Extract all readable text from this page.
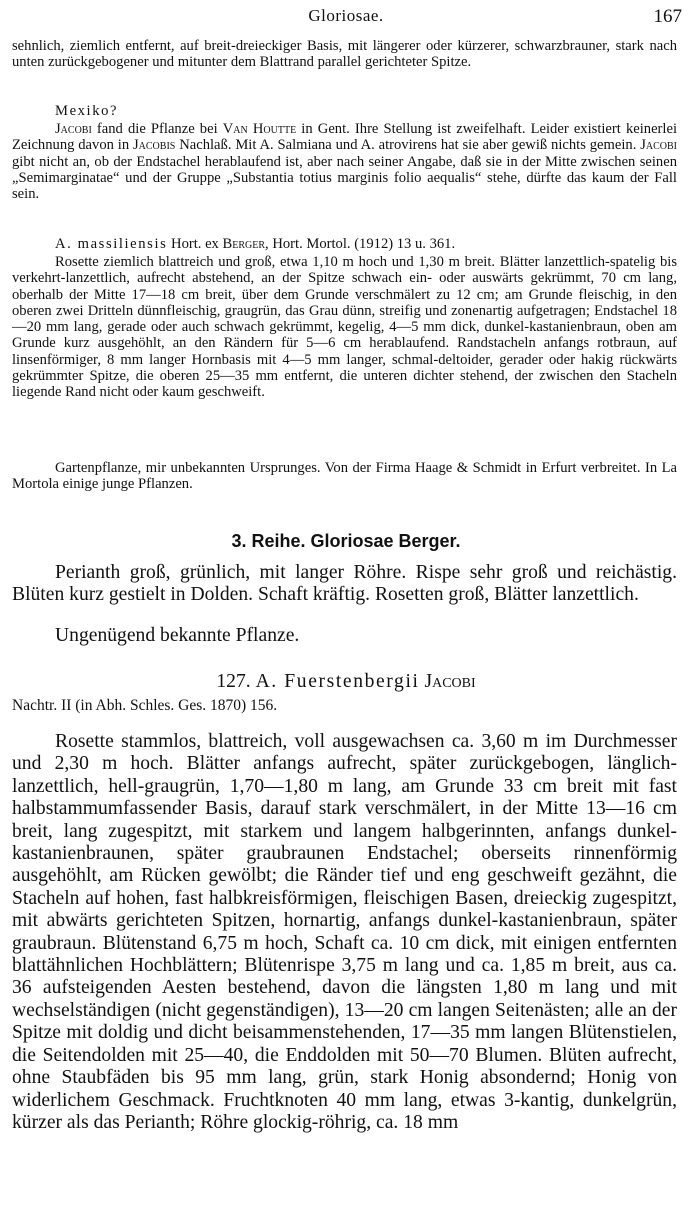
Gloriosae.	167

sehnlich, ziemlich entfernt, auf breit-dreieckiger Basis, mit längerer oder kürzerer, schwarzbrauner, stark nach unten zurückgebogener und mitunter dem Blattrand parallel gerichteter Spitze.

Mexiko?

Jacobi fand die Pflanze bei Van Houtte in Gent. Ihre Stellung ist zweifelhaft. Leider existiert keinerlei Zeichnung davon in Jacobis Nachlaß. Mit A. Salmiana und A. atrovirens hat sie aber gewiß nichts gemein. Jacobi gibt nicht an, ob der Endstachel herablaufend ist, aber nach seiner Angabe, daß sie in der Mitte zwischen seinen „Semimarginatae“ und der Gruppe „Substantia totius marginis folio aequalis“ stehe, dürfte das kaum der Fall sein.

A. massiliensis Hort. ex Berger, Hort. Mortol. (1912) 13 u. 361.

Rosette ziemlich blattreich und groß, etwa 1,10 m hoch und 1,30 m breit. Blätter lanzettlich-spatelig bis verkehrt-lanzettlich, aufrecht abstehend, an der Spitze schwach ein- oder auswärts gekrümmt, 70 cm lang, oberhalb der Mitte 17—18 cm breit, über dem Grunde verschmälert zu 12 cm; am Grunde fleischig, in den oberen zwei Dritteln dünnfleischig, graugrün, das Grau dünn, streifig und zonenartig aufgetragen; Endstachel 18—20 mm lang, gerade oder auch schwach gekrümmt, kegelig, 4—5 mm dick, dunkel-kastanienbraun, oben am Grunde kurz ausgehöhlt, an den Rändern für 5—6 cm herablaufend. Randstacheln anfangs rotbraun, auf linsenförmiger, 8 mm langer Hornbasis mit 4—5 mm langer, schmal-deltoider, gerader oder hakig rückwärts gekrümmter Spitze, die oberen 25—35 mm entfernt, die unteren dichter stehend, der zwischen den Stacheln liegende Rand nicht oder kaum geschweift.

Gartenpflanze, mir unbekannten Ursprunges. Von der Firma Haage & Schmidt in Erfurt verbreitet. In La Mortola einige junge Pflanzen.

3. Reihe. Gloriosae Berger.

Perianth groß, grünlich, mit langer Röhre. Rispe sehr groß und reichästig. Blüten kurz gestielt in Dolden. Schaft kräftig. Rosetten groß, Blätter lanzettlich.

Ungenügend bekannte Pflanze.

127. A. Fuerstenbergii Jacobi

Nachtr. II (in Abh. Schles. Ges. 1870) 156.

Rosette stammlos, blattreich, voll ausgewachsen ca. 3,60 m im Durchmesser und 2,30 m hoch. Blätter anfangs aufrecht, später zurückgebogen, länglich-lanzettlich, hell-graugrün, 1,70—1,80 m lang, am Grunde 33 cm breit mit fast halbstammumfassender Basis, darauf stark verschmälert, in der Mitte 13—16 cm breit, lang zugespitzt, mit starkem und langem halbgerinnten, anfangs dunkel-kastanienbraunen, später graubraunen Endstachel; oberseits rinnenförmig ausgehöhlt, am Rücken gewölbt; die Ränder tief und eng geschweift gezähnt, die Stacheln auf hohen, fast halbkreisförmigen, fleischigen Basen, dreieckig zugespitzt, mit abwärts gerichteten Spitzen, hornartig, anfangs dunkel-kastanienbraun, später graubraun. Blütenstand 6,75 m hoch, Schaft ca. 10 cm dick, mit einigen entfernten blattähnlichen Hochblättern; Blütenrispe 3,75 m lang und ca. 1,85 m breit, aus ca. 36 aufsteigenden Aesten bestehend, davon die längsten 1,80 m lang und mit wechselständigen (nicht gegenständigen), 13—20 cm langen Seitenästen; alle an der Spitze mit doldig und dicht beisammenstehenden, 17—35 mm langen Blütenstielen, die Seitendolden mit 25—40, die Enddolden mit 50—70 Blumen. Blüten aufrecht, ohne Staubfäden bis 95 mm lang, grün, stark Honig absondernd; Honig von widerlichem Geschmack. Fruchtknoten 40 mm lang, etwas 3-kantig, dunkelgrün, kürzer als das Perianth; Röhre glockig-röhrig, ca. 18 mm
